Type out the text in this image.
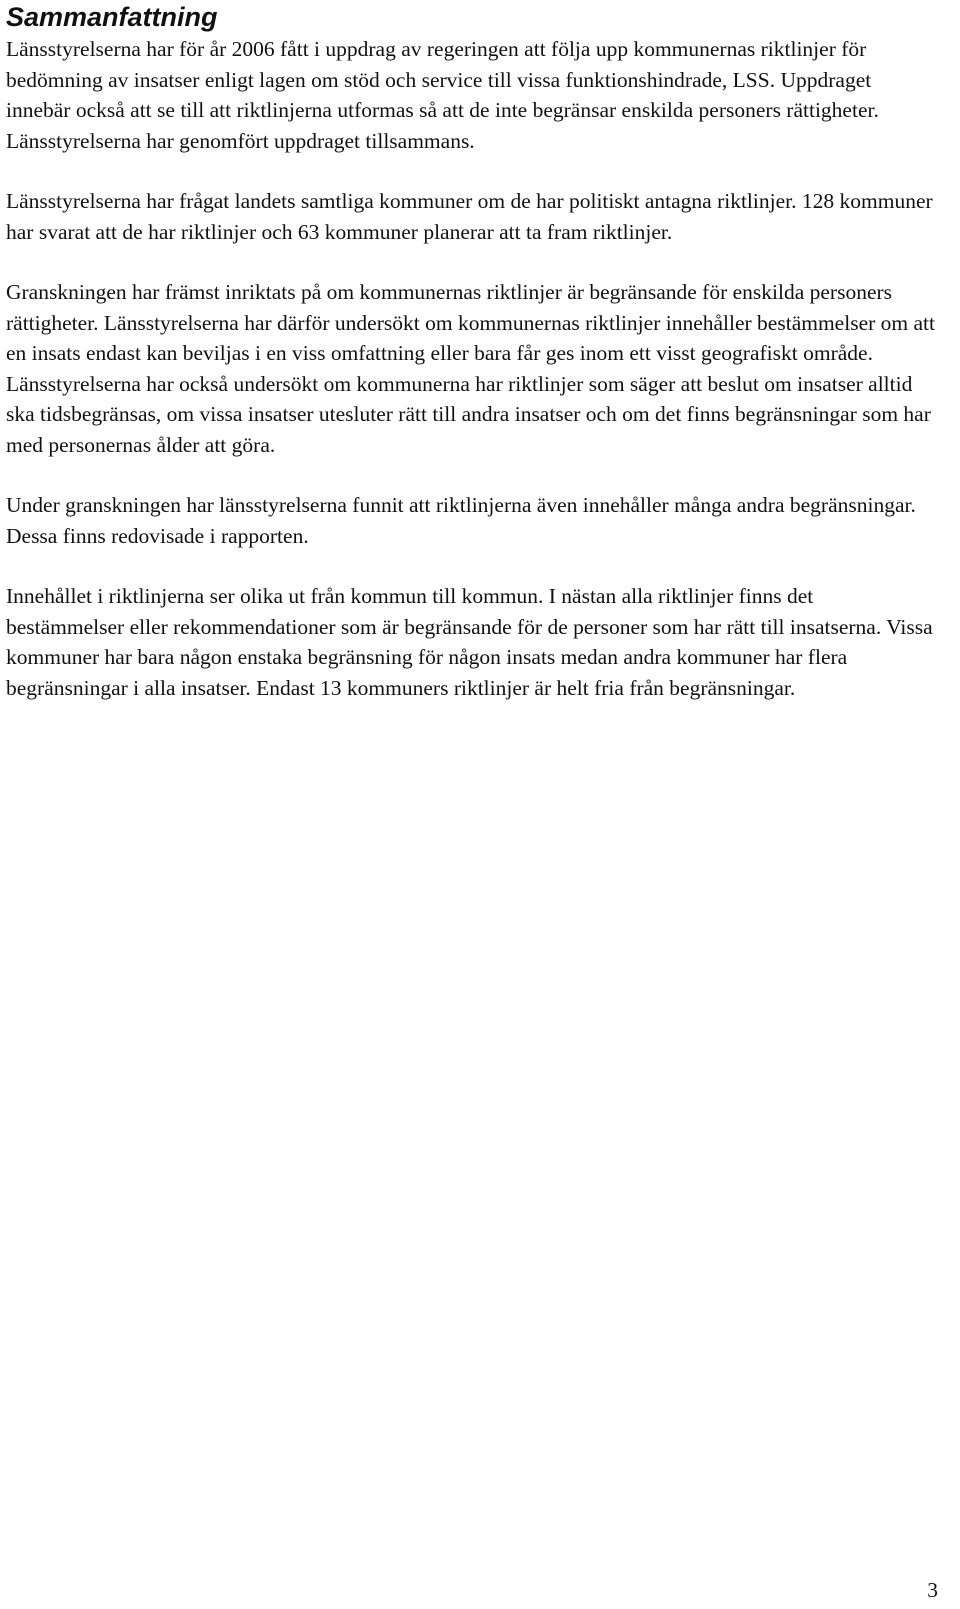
Sammanfattning

Länsstyrelserna har för år 2006 fått i uppdrag av regeringen att följa upp kommunernas riktlinjer för bedömning av insatser enligt lagen om stöd och service till vissa funktionshindrade, LSS. Uppdraget innebär också att se till att riktlinjerna utformas så att de inte begränsar enskilda personers rättigheter. Länsstyrelserna har genomfört uppdraget tillsammans.

Länsstyrelserna har frågat landets samtliga kommuner om de har politiskt antagna riktlinjer. 128 kommuner har svarat att de har riktlinjer och 63 kommuner planerar att ta fram riktlinjer.

Granskningen har främst inriktats på om kommunernas riktlinjer är begränsande för enskilda personers rättigheter. Länsstyrelserna har därför undersökt om kommunernas riktlinjer innehåller bestämmelser om att en insats endast kan beviljas i en viss omfattning eller bara får ges inom ett visst geografiskt område. Länsstyrelserna har också undersökt om kommunerna har riktlinjer som säger att beslut om insatser alltid ska tidsbegränsas, om vissa insatser utesluter rätt till andra insatser och om det finns begränsningar som har med personernas ålder att göra.

Under granskningen har länsstyrelserna funnit att riktlinjerna även innehåller många andra begränsningar. Dessa finns redovisade i rapporten.

Innehållet i riktlinjerna ser olika ut från kommun till kommun. I nästan alla riktlinjer finns det bestämmelser eller rekommendationer som är begränsande för de personer som har rätt till insatserna. Vissa kommuner har bara någon enstaka begränsning för någon insats medan andra kommuner har flera begränsningar i alla insatser. Endast 13 kommuners riktlinjer är helt fria från begränsningar.

3
